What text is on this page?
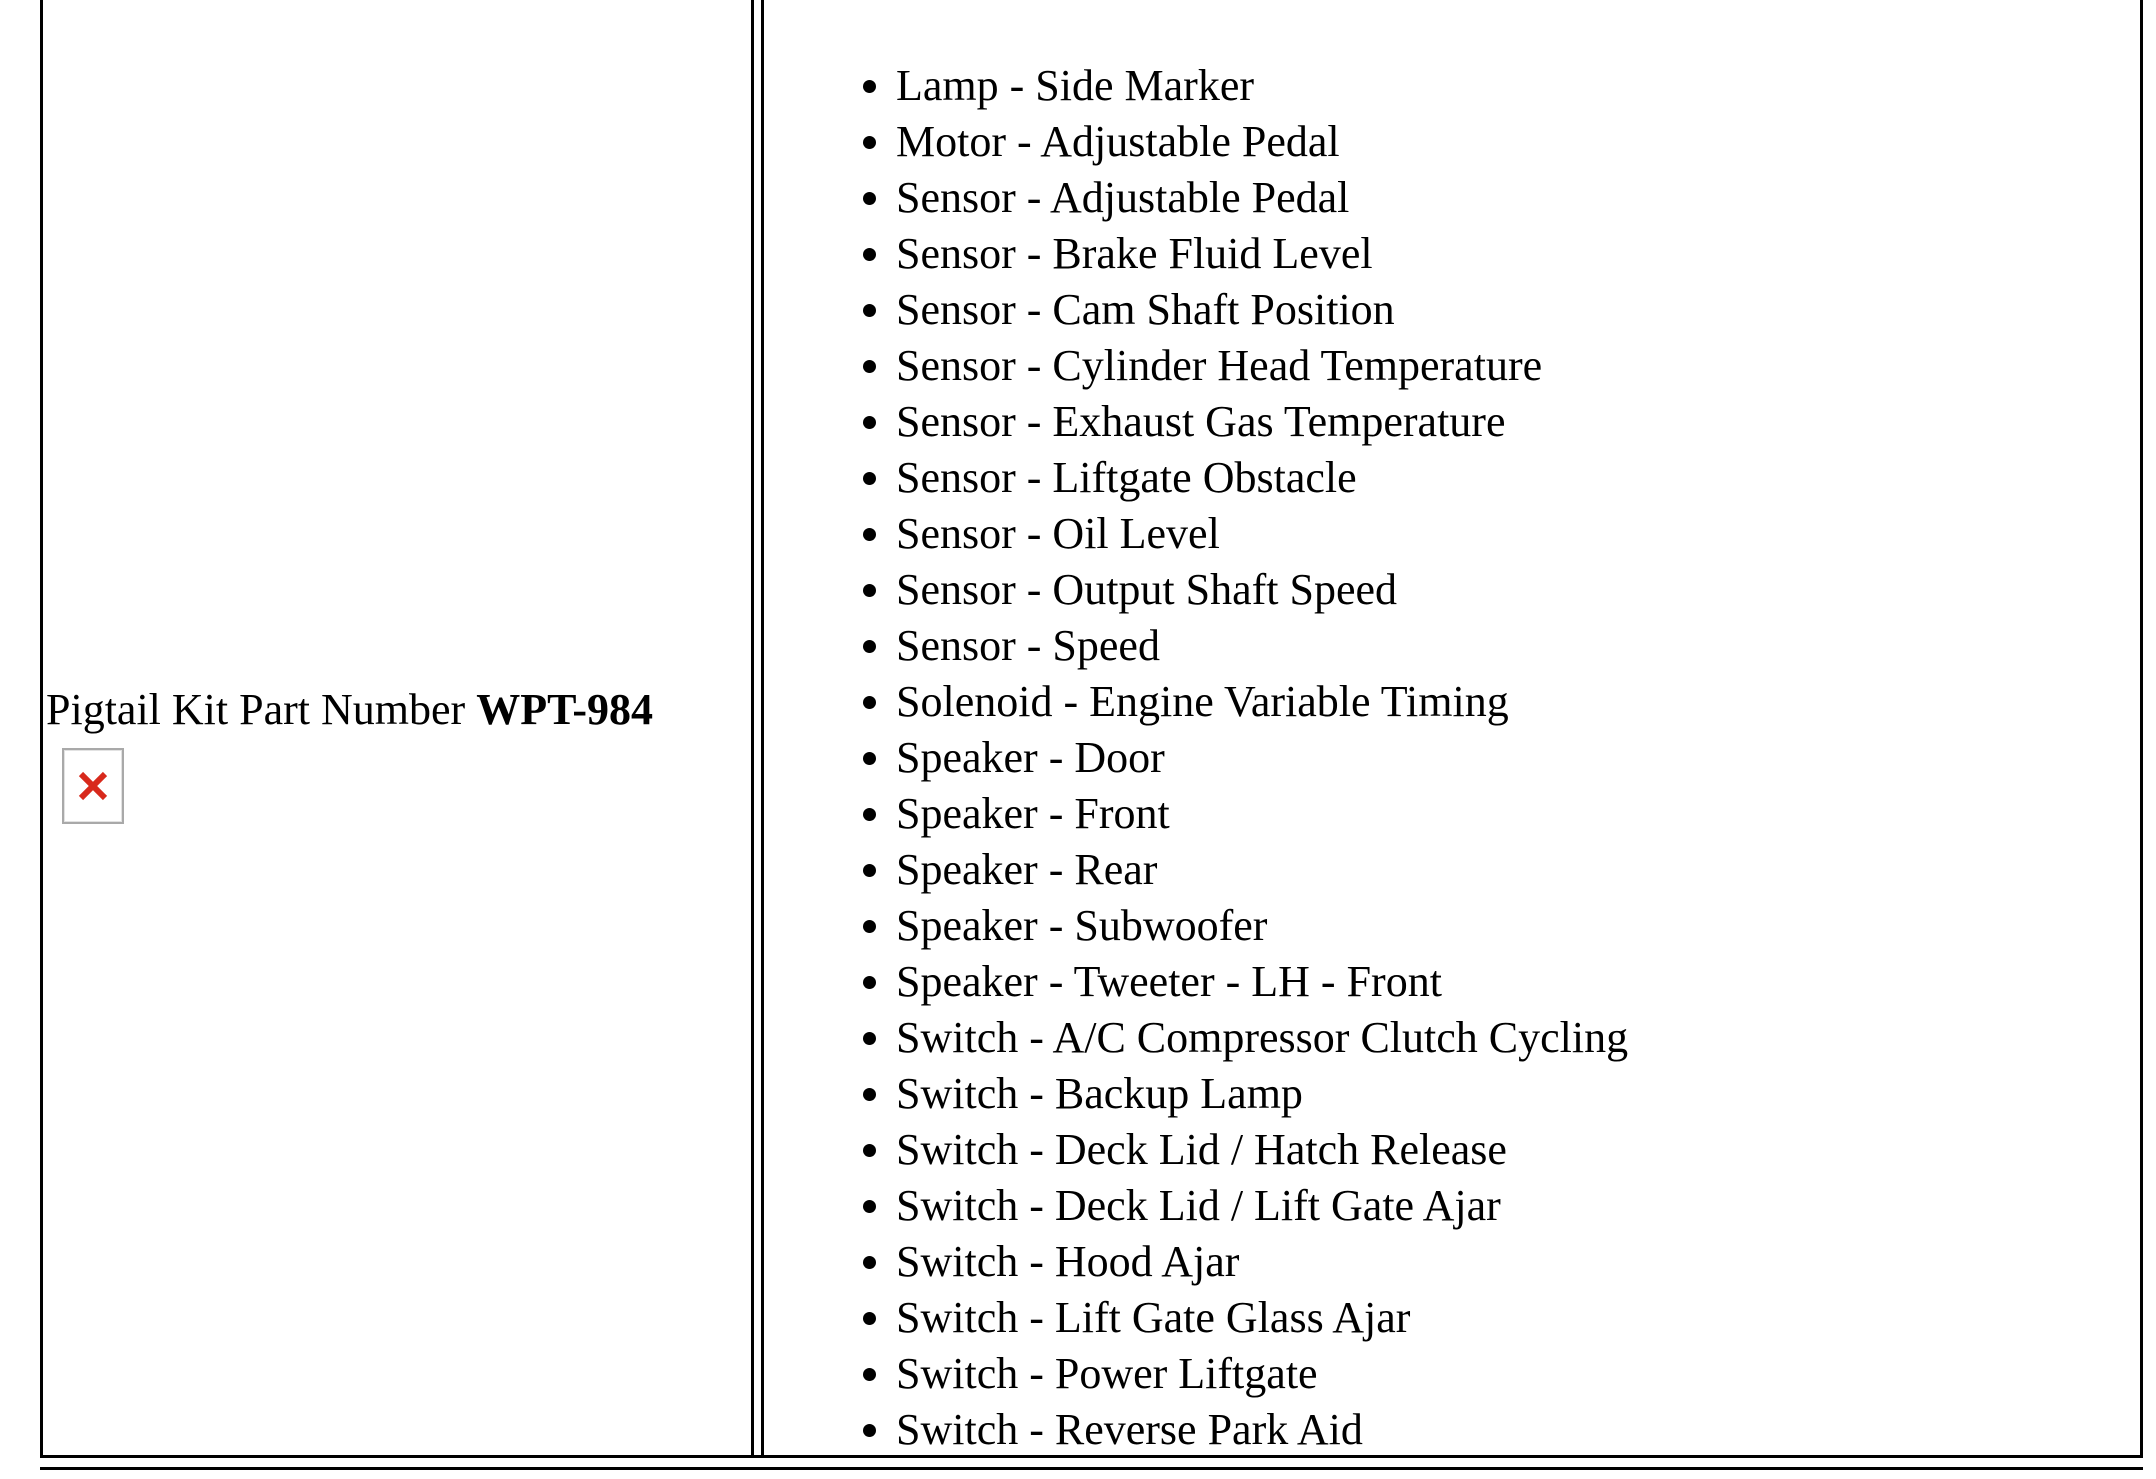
Pigtail Kit Part Number WPT-984
• Lamp - Side Marker
• Motor - Adjustable Pedal
• Sensor - Adjustable Pedal
• Sensor - Brake Fluid Level
• Sensor - Cam Shaft Position
• Sensor - Cylinder Head Temperature
• Sensor - Exhaust Gas Temperature
• Sensor - Liftgate Obstacle
• Sensor - Oil Level
• Sensor - Output Shaft Speed
• Sensor - Speed
• Solenoid - Engine Variable Timing
• Speaker - Door
• Speaker - Front
• Speaker - Rear
• Speaker - Subwoofer
• Speaker - Tweeter - LH - Front
• Switch - A/C Compressor Clutch Cycling
• Switch - Backup Lamp
• Switch - Deck Lid / Hatch Release
• Switch - Deck Lid / Lift Gate Ajar
• Switch - Hood Ajar
• Switch - Lift Gate Glass Ajar
• Switch - Power Liftgate
• Switch - Reverse Park Aid
